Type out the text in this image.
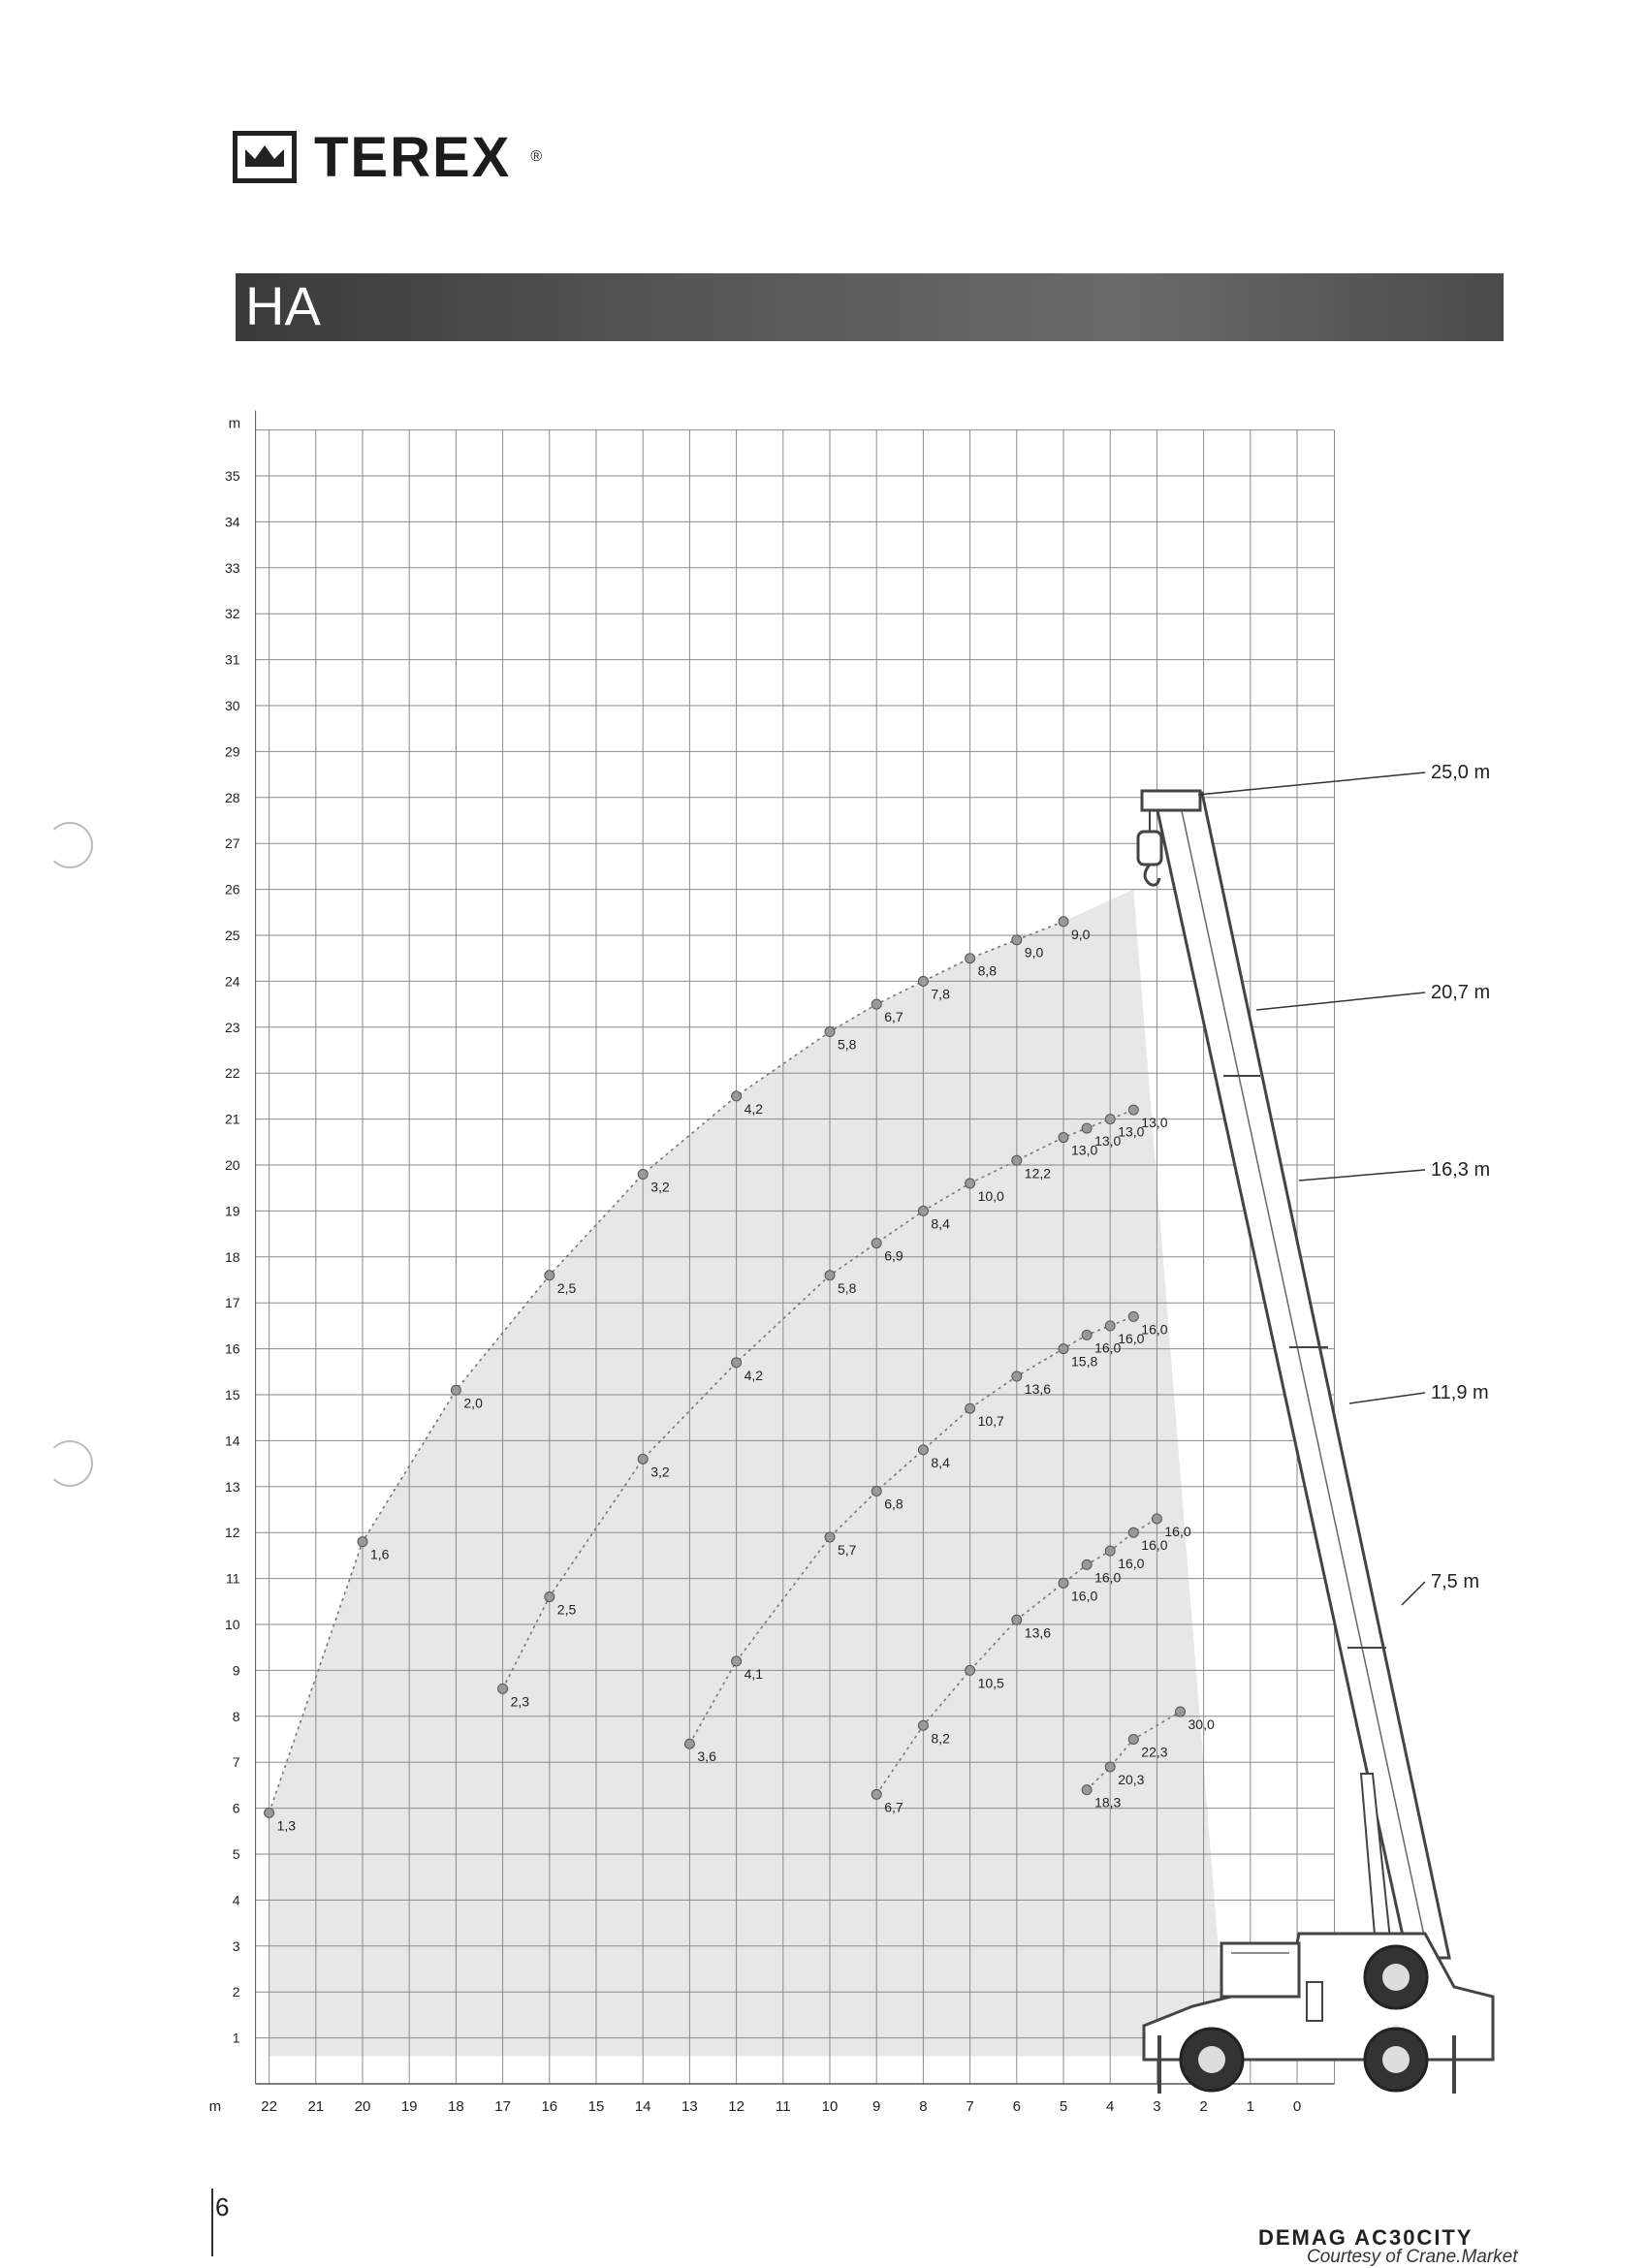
TEREX ®
HA
22 21 20 19 18 17 16 15 14 13 12 11 10 9	8	7	6	5	4	3	2	1	0
1
2
3
4
5
6
7
8
9
10
11
12
13
14
15
16
17
18
19
20
21
22
23
24
25
26
27
28
29
30
31
32
33
34
35
m
m
1,3
1,6
2,0
2,5
3,2
4,2
5,8
6,7
7,8
8,8
9,0
9,0
2,3
2,5
3,2
4,2
5,8
6,9
8,4
10,0
12,2
13,0
13,0
13,0
13,0
3,6
4,1
5,7
6,8
8,4
10,7
13,6
15,8
16,0
16,0
16,0
6,7
8,2
10,5
13,6
16,0
16,0
16,0
16,0
16,0
18,3
20,3
22,3
30,0
25,0 m
20,7 m
16,3 m
11,9 m
7,5 m
6
DEMAG AC30CITY
Courtesy of Crane.Market
